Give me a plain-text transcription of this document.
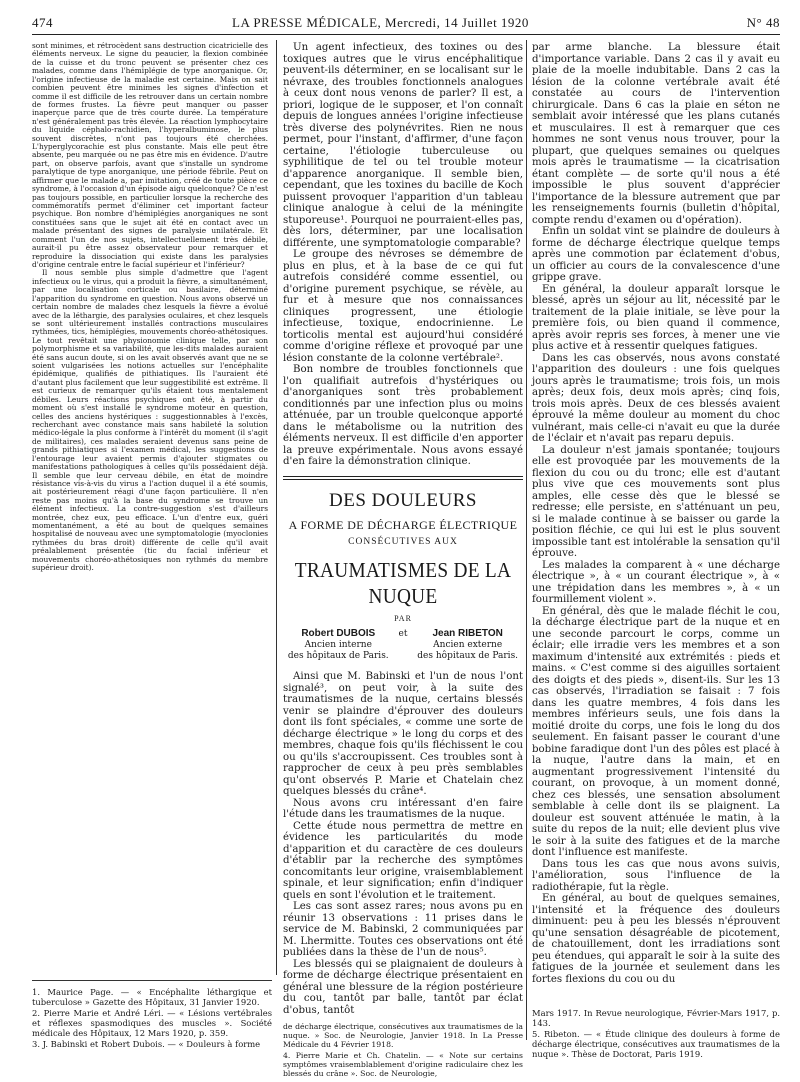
474	LA PRESSE MÉDICALE, Mercredi, 14 Juillet 1920	N° 48

sont minimes, et rétrocèdent sans destruction cicatricielle des éléments nerveux. Le signe du peaucier, la flexion combinée de la cuisse et du tronc peuvent se présenter chez ces malades, comme dans l'hémiplégie de type anorganique. Or, l'origine infectieuse de la maladie est certaine. Mais on sait combien peuvent être minimes les signes d'infection et comme il est difficile de les retrouver dans un certain nombre de formes frustes. La fièvre peut manquer ou passer inaperçue parce que de très courte durée. La température n'est généralement pas très élevée. La réaction lymphocytaire du liquide céphalo-rachidien, l'hyperalbuminose, le plus souvent discrètes, n'ont pas toujours été cherchées. L'hyperglycorachie est plus constante. Mais elle peut être absente, peu marquée ou ne pas être mis en évidence. D'autre part, on observe parfois, avant que s'installe un syndrome paralytique de type anorganique, une période fébrile. Peut on affirmer que le malade a, par imitation, créé de toute pièce ce syndrome, à l'occasion d'un épisode aigu quelconque? Ce n'est pas toujours possible, en particulier lorsque la recherche des commémoratifs permet d'éliminer cet important facteur psychique. Bon nombre d'hémiplégies anorganiques ne sont constituées sans que le sujet ait été en contact avec un malade présentant des signes de paralysie unilatérale. Et comment l'un de nos sujets, intellectuellement très débile, aurait-il pu être assez observateur pour remarquer et reproduire la dissociation qui existe dans les paralysies d'origine centrale entre le facial supérieur et l'inférieur?

Il nous semble plus simple d'admettre que l'agent infectieux ou le virus, qui a produit la fièvre, a simultanément, par une localisation corticale ou basilaire, déterminé l'apparition du syndrome en question. Nous avons observé un certain nombre de malades chez lesquels la fièvre a évolué avec de la léthargie, des paralysies oculaires, et chez lesquels se sont ultérieurement installés contractions musculaires rythmées, tics, hémiplégies, mouvements choréo-athétosiques. Le tout revêtait une physionomie clinique telle, par son polymorphisme et sa variabilité, que les-dits malades auraient été sans aucun doute, si on les avait observés avant que ne se soient vulgarisées les notions actuelles sur l'encéphalite épidémique, qualifiés de pithiatiques. Ils l'auraient été d'autant plus facilement que leur suggestibilité est extrême. Il est curieux de remarquer qu'ils étaient tous mentalement débiles. Leurs réactions psychiques ont été, à partir du moment où s'est installé le syndrome moteur en question, celles des anciens hystériques : suggestionnables à l'excès, recherchant avec constance mais sans habileté la solution médico-légale la plus conforme à l'intérêt du moment (il s'agit de militaires), ces malades seraient devenus sans peine de grands pithiatiques si l'examen médical, les suggestions de l'entourage leur avaient permis d'ajouter stigmates ou manifestations pathologiques à celles qu'ils possédaient déjà. Il semble que leur cerveau débile, en état de moindre résistance vis-à-vis du virus a l'action duquel il a été soumis, ait postérieurement réagi d'une façon particulière. Il n'en reste pas moins qu'à la base du syndrome se trouve un élément infectieux. La contre-suggestion s'est d'ailleurs montrée, chez eux, peu efficace. L'un d'entre eux, guéri momentanément, a été au bout de quelques semaines hospitalisé de nouveau avec une symptomatologie (myoclonies rythmées du bras droit) différente de celle qu'il avait préalablement présentée (tic du facial inférieur et mouvements choréo-athétosiques non rythmés du membre supérieur droit).

Un agent infectieux, des toxines ou des toxiques autres que le virus encéphalitique peuvent-ils déterminer, en se localisant sur le névraxe, des troubles fonctionnels analogues à ceux dont nous venons de parler? Il est, a priori, logique de le supposer, et l'on connaît depuis de longues années l'origine infectieuse très diverse des polynévrites. Rien ne nous permet, pour l'instant, d'affirmer, d'une façon certaine, l'étiologie tuberculeuse ou syphilitique de tel ou tel trouble moteur d'apparence anorganique. Il semble bien, cependant, que les toxines du bacille de Koch puissent provoquer l'apparition d'un tableau clinique analogue à celui de la méningite stuporeuse¹. Pourquoi ne pourraient-elles pas, dès lors, déterminer, par une localisation différente, une symptomatologie comparable?

Le groupe des névroses se démembre de plus en plus, et à la base de ce qui fut autrefois considéré comme essentiel, ou d'origine purement psychique, se révèle, au fur et à mesure que nos connaissances cliniques progressent, une étiologie infectieuse, toxique, endocrinienne. Le torticolis mental est aujourd'hui considéré comme d'origine réflexe et provoqué par une lésion constante de la colonne vertébrale².

Bon nombre de troubles fonctionnels que l'on qualifiait autrefois d'hystériques ou d'anorganiques sont très probablement conditionnés par une infection plus ou moins atténuée, par un trouble quelconque apporté dans le métabolisme ou la nutrition des éléments nerveux. Il est difficile d'en apporter la preuve expérimentale. Nous avons essayé d'en faire la démonstration clinique.

DES DOULEURS
A FORME DE DÉCHARGE ÉLECTRIQUE
CONSÉCUTIVES AUX
TRAUMATISMES DE LA NUQUE
PAR
Robert DUBOIS
Ancien interne
des hôpitaux de Paris.
et	Jean RIBETON
Ancien externe
des hôpitaux de Paris.

Ainsi que M. Babinski et l'un de nous l'ont signalé³, on peut voir, à la suite des traumatismes de la nuque, certains blessés venir se plaindre d'éprouver des douleurs dont ils font spéciales, « comme une sorte de décharge électrique » le long du corps et des membres, chaque fois qu'ils fléchissent le cou ou qu'ils s'accroupissent. Ces troubles sont à rapprocher de ceux à peu près semblables qu'ont observés P. Marie et Chatelain chez quelques blessés du crâne⁴.

Nous avons cru intéressant d'en faire l'étude dans les traumatismes de la nuque.

Cette étude nous permettra de mettre en évidence les particularités du mode d'apparition et du caractère de ces douleurs d'établir par la recherche des symptômes concomitants leur origine, vraisemblablement spinale, et leur signification; enfin d'indiquer quels en sont l'évolution et le traitement.

Les cas sont assez rares; nous avons pu en réunir 13 observations : 11 prises dans le service de M. Babinski, 2 communiquées par M. Lhermitte. Toutes ces observations ont été publiées dans la thèse de l'un de nous⁵.

Les blessés qui se plaignaient de douleurs à forme de décharge électrique présentaient en général une blessure de la région postérieure du cou, tantôt par balle, tantôt par éclat d'obus, tantôt

par arme blanche. La blessure était d'importance variable. Dans 2 cas il y avait eu plaie de la moelle indubitable. Dans 2 cas la lésion de la colonne vertébrale avait été constatée au cours de l'intervention chirurgicale. Dans 6 cas la plaie en séton ne semblait avoir intéressé que les plans cutanés et musculaires. Il est à remarquer que ces hommes ne sont venus nous trouver, pour la plupart, que quelques semaines ou quelques mois après le traumatisme — la cicatrisation étant complète — de sorte qu'il nous a été impossible le plus souvent d'apprécier l'importance de la blessure autrement que par les renseignements fournis (bulletin d'hôpital, compte rendu d'examen ou d'opération).

Enfin un soldat vint se plaindre de douleurs à forme de décharge électrique quelque temps après une commotion par éclatement d'obus, un officier au cours de la convalescence d'une grippe grave.

En général, la douleur apparaît lorsque le blessé, après un séjour au lit, nécessité par le traitement de la plaie initiale, se lève pour la première fois, ou bien quand il commence, après avoir repris ses forces, à mener une vie plus active et à ressentir quelques fatigues.

Dans les cas observés, nous avons constaté l'apparition des douleurs : une fois quelques jours après le traumatisme; trois fois, un mois après; deux fois, deux mois après; cinq fois, trois mois après. Deux de ces blessés avaient éprouvé la même douleur au moment du choc vulnérant, mais celle-ci n'avait eu que la durée de l'éclair et n'avait pas reparu depuis.

La douleur n'est jamais spontanée; toujours elle est provoquée par les mouvements de la flexion du cou ou du tronc; elle est d'autant plus vive que ces mouvements sont plus amples, elle cesse dès que le blessé se redresse; elle persiste, en s'atténuant un peu, si le malade continue à se baisser ou garde la position fléchie, ce qui lui est le plus souvent impossible tant est intolérable la sensation qu'il éprouve.

Les malades la comparent à « une décharge électrique », à « un courant électrique », à « une trépidation dans les membres », à « un fourmillement violent ».

En général, dès que le malade fléchit le cou, la décharge électrique part de la nuque et en une seconde parcourt le corps, comme un éclair; elle irradie vers les membres et a son maximum d'intensité aux extrémités : pieds et mains. « C'est comme si des aiguilles sortaient des doigts et des pieds », disent-ils. Sur les 13 cas observés, l'irradiation se faisait : 7 fois dans les quatre membres, 4 fois dans les membres inférieurs seuls, une fois dans la moitié droite du corps, une fois le long du dos seulement. En faisant passer le courant d'une bobine faradique dont l'un des pôles est placé à la nuque, l'autre dans la main, et en augmentant progressivement l'intensité du courant, on provoque, à un moment donné, chez ces blessés, une sensation absolument semblable à celle dont ils se plaignent. La douleur est souvent atténuée le matin, à la suite du repos de la nuit; elle devient plus vive le soir à la suite des fatigues et de la marche dont l'influence est manifeste.

Dans tous les cas que nous avons suivis, l'amélioration, sous l'influence de la radiothérapie, fut la règle.

En général, au bout de quelques semaines, l'intensité et la fréquence des douleurs diminuent: peu à peu les blessés n'éprouvent qu'une sensation désagréable de picotement, de chatouillement, dont les irradiations sont peu étendues, qui apparaît le soir à la suite des fatigues de la journée et seulement dans les fortes flexions du cou ou du

1. Maurice Page. — « Encéphalite léthargique et tuberculose » Gazette des Hôpitaux, 31 Janvier 1920.

2. Pierre Marie et André Léri. — « Lésions vertébrales et réflexes spasmodiques des muscles ». Société médicale des Hôpitaux, 12 Mars 1920, p. 359.

3. J. Babinski et Robert Dubois. — « Douleurs à forme

de décharge électrique, consécutives aux traumatismes de la nuque. » Soc. de Neurologie, Janvier 1918. In La Presse Médicale du 4 Février 1918.

4. Pierre Marie et Ch. Chatelin. — « Note sur certains symptômes vraisemblablement d'origine radiculaire chez les blessés du crâne ». Soc. de Neurologie,

Mars 1917. In Revue neurologique, Février-Mars 1917, p. 143.

5. Ribeton. — « Étude clinique des douleurs à forme de décharge électrique, consécutives aux traumatismes de la nuque ». Thèse de Doctorat, Paris 1919.
